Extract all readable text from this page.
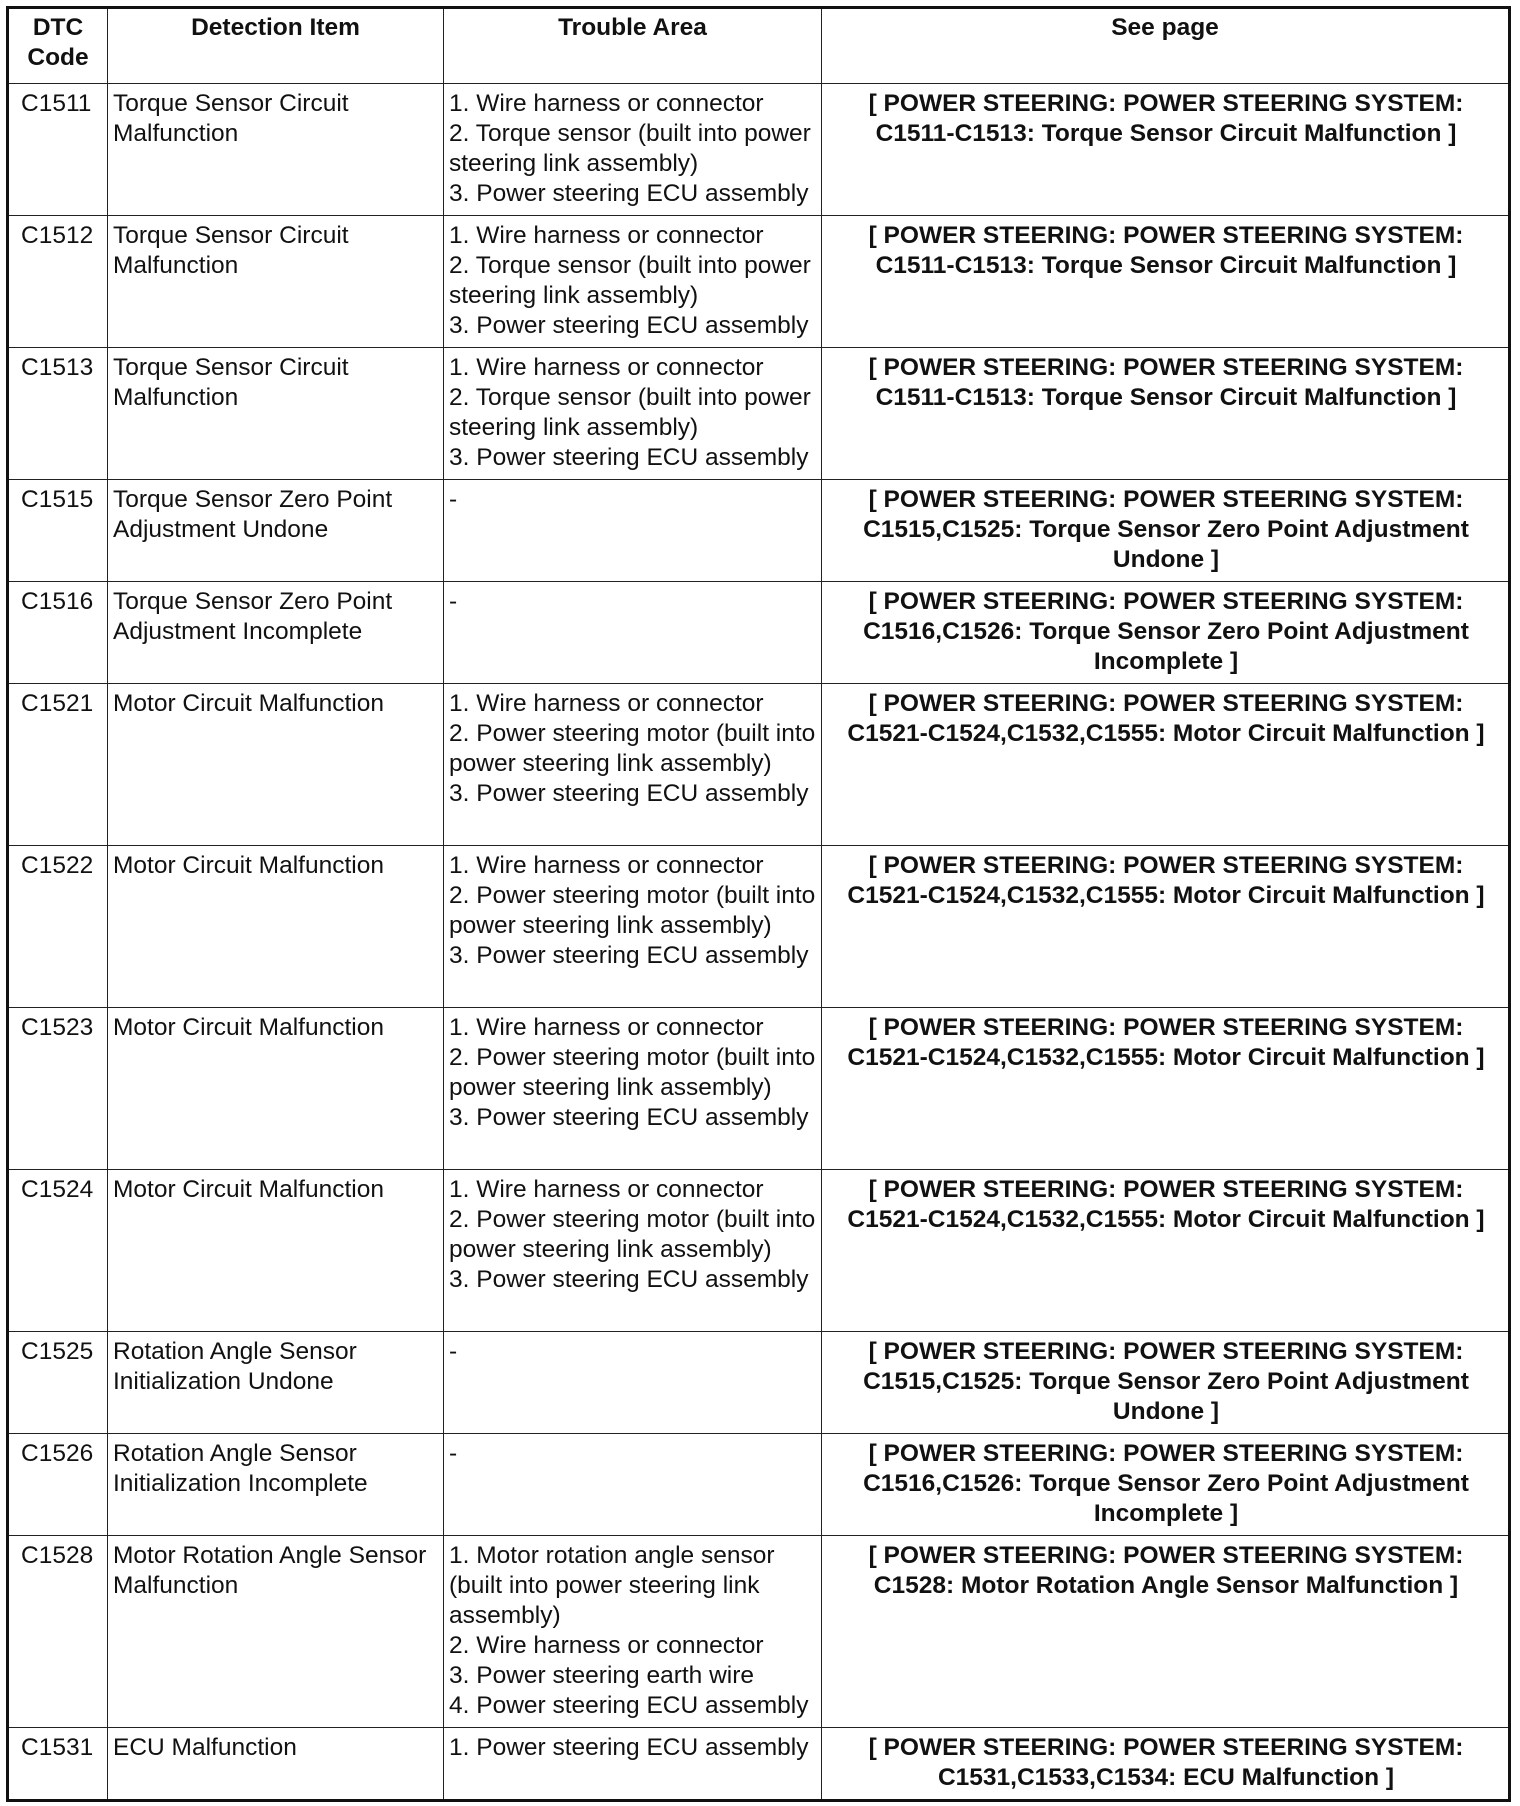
DTC Code	Detection Item	Trouble Area	See page
C1511	Torque Sensor Circuit Malfunction	1. Wire harness or connector
2. Torque sensor (built into power steering link assembly)
3. Power steering ECU assembly	[ POWER STEERING: POWER STEERING SYSTEM: C1511-C1513: Torque Sensor Circuit Malfunction ]
C1512	Torque Sensor Circuit Malfunction	1. Wire harness or connector
2. Torque sensor (built into power steering link assembly)
3. Power steering ECU assembly	[ POWER STEERING: POWER STEERING SYSTEM: C1511-C1513: Torque Sensor Circuit Malfunction ]
C1513	Torque Sensor Circuit Malfunction	1. Wire harness or connector
2. Torque sensor (built into power steering link assembly)
3. Power steering ECU assembly	[ POWER STEERING: POWER STEERING SYSTEM: C1511-C1513: Torque Sensor Circuit Malfunction ]
C1515	Torque Sensor Zero Point Adjustment Undone	-	[ POWER STEERING: POWER STEERING SYSTEM: C1515,C1525: Torque Sensor Zero Point Adjustment Undone ]
C1516	Torque Sensor Zero Point Adjustment Incomplete	-	[ POWER STEERING: POWER STEERING SYSTEM: C1516,C1526: Torque Sensor Zero Point Adjustment Incomplete ]
C1521	Motor Circuit Malfunction	1. Wire harness or connector
2. Power steering motor (built into power steering link assembly)
3. Power steering ECU assembly	[ POWER STEERING: POWER STEERING SYSTEM: C1521-C1524,C1532,C1555: Motor Circuit Malfunction ]
C1522	Motor Circuit Malfunction	1. Wire harness or connector
2. Power steering motor (built into power steering link assembly)
3. Power steering ECU assembly	[ POWER STEERING: POWER STEERING SYSTEM: C1521-C1524,C1532,C1555: Motor Circuit Malfunction ]
C1523	Motor Circuit Malfunction	1. Wire harness or connector
2. Power steering motor (built into power steering link assembly)
3. Power steering ECU assembly	[ POWER STEERING: POWER STEERING SYSTEM: C1521-C1524,C1532,C1555: Motor Circuit Malfunction ]
C1524	Motor Circuit Malfunction	1. Wire harness or connector
2. Power steering motor (built into power steering link assembly)
3. Power steering ECU assembly	[ POWER STEERING: POWER STEERING SYSTEM: C1521-C1524,C1532,C1555: Motor Circuit Malfunction ]
C1525	Rotation Angle Sensor Initialization Undone	-	[ POWER STEERING: POWER STEERING SYSTEM: C1515,C1525: Torque Sensor Zero Point Adjustment Undone ]
C1526	Rotation Angle Sensor Initialization Incomplete	-	[ POWER STEERING: POWER STEERING SYSTEM: C1516,C1526: Torque Sensor Zero Point Adjustment Incomplete ]
C1528	Motor Rotation Angle Sensor Malfunction	1. Motor rotation angle sensor (built into power steering link assembly)
2. Wire harness or connector
3. Power steering earth wire
4. Power steering ECU assembly	[ POWER STEERING: POWER STEERING SYSTEM: C1528: Motor Rotation Angle Sensor Malfunction ]
C1531	ECU Malfunction	1. Power steering ECU assembly	[ POWER STEERING: POWER STEERING SYSTEM: C1531,C1533,C1534: ECU Malfunction ]
